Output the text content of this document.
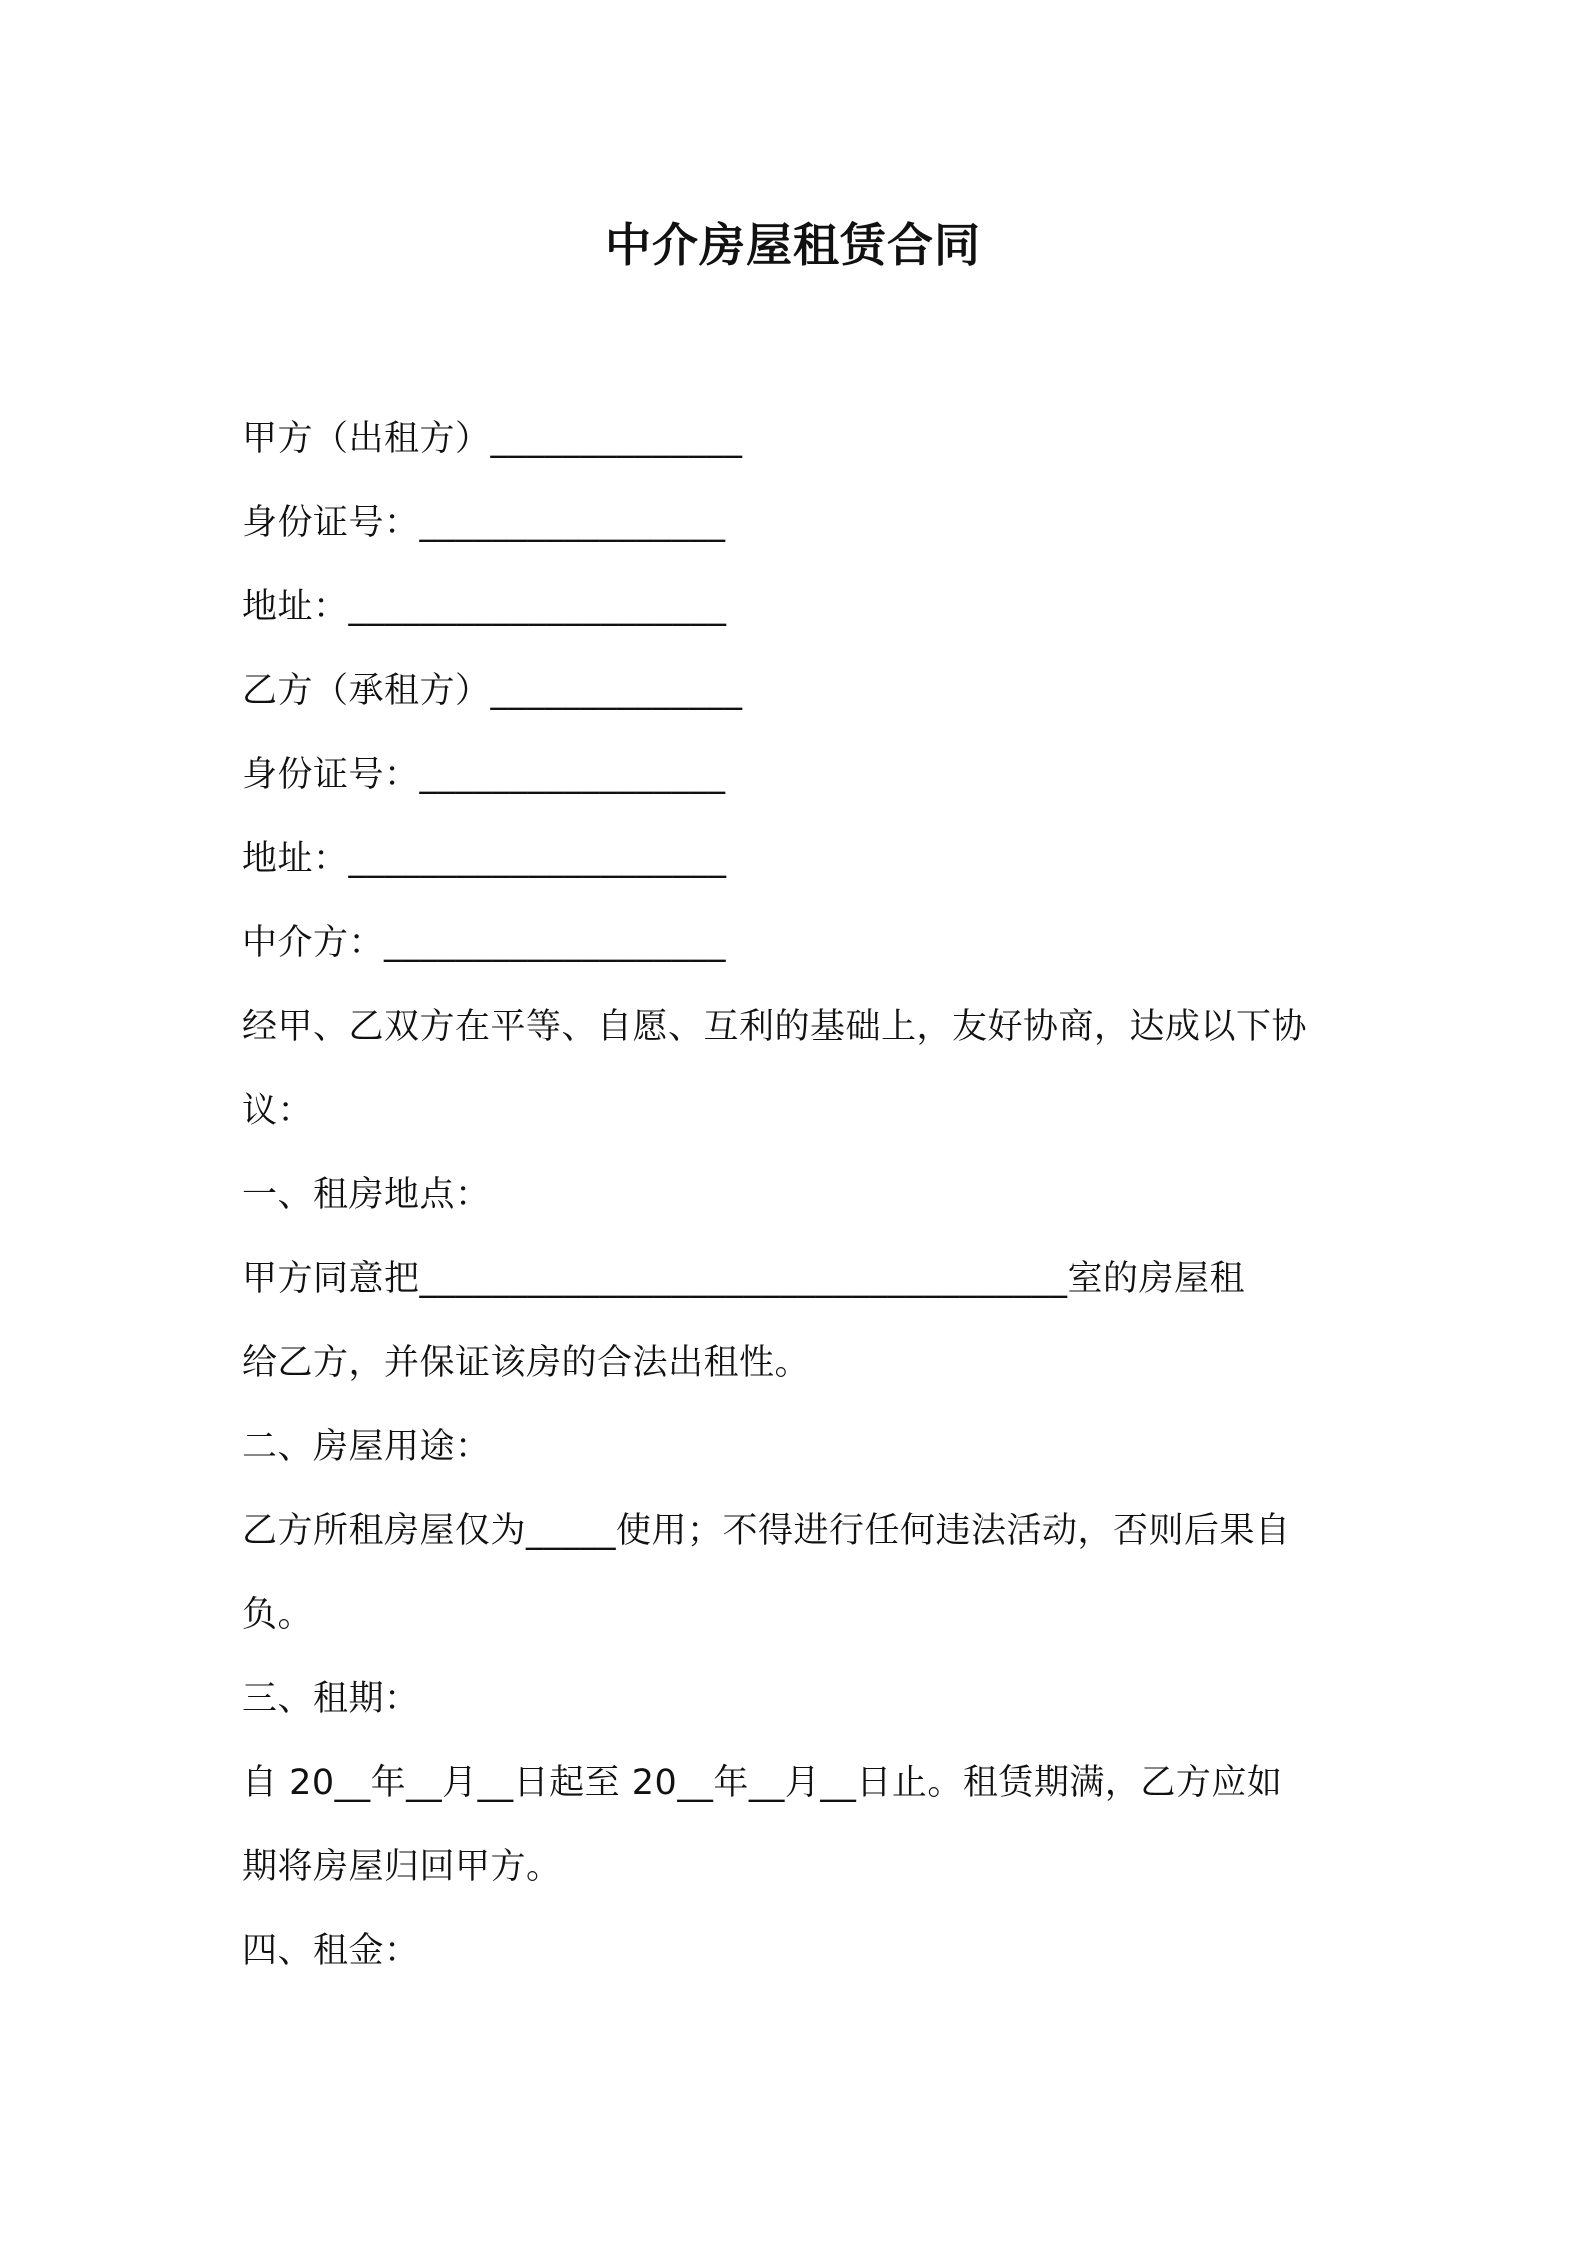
中介房屋租赁合同
甲方（出租方）______________
身份证号：_________________
地址：_____________________
乙方（承租方）______________
身份证号：_________________
地址：_____________________
中介方：___________________
经甲、乙双方在平等、自愿、互利的基础上，友好协商，达成以下协
议：
一、租房地点：
甲方同意把____________________________________室的房屋租
给乙方，并保证该房的合法出租性。
二、房屋用途：
乙方所租房屋仅为_____使用；不得进行任何违法活动，否则后果自
负。
三、租期：
自 20__年__月__日起至 20__年__月__日止。租赁期满，乙方应如
期将房屋归回甲方。
四、租金：
